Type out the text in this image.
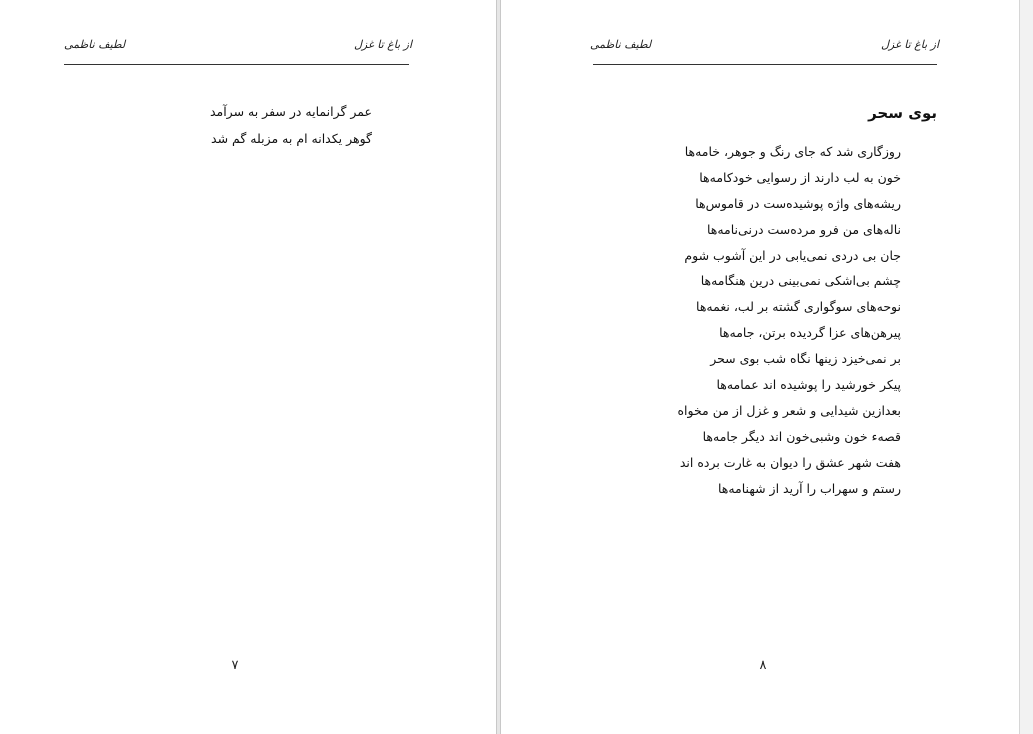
از باغ تا غزل
لطیف ناظمی
عمر گرانمایه در سفر به سرآمد
گوهر یکدانه ام به مزبله گم شد
۷
از باغ تا غزل
لطیف ناظمی
بوی سحر
روزگاری شد که جای رنگ و جوهر، خامه‌ها
خون به لب دارند از رسوایی خودکامه‌ها
ریشه‌های واژه پوشیده‌ست در قاموس‌ها
ناله‌های من فرو مرده‌ست درنی‌نامه‌ها
جان بی دردی نمی‌یابی در این آشوب شوم
چشم بی‌اشکی نمی‌بینی درین هنگامه‌ها
نوحه‌های سوگواری گشته بر لب، نغمه‌ها
پیرهن‌های عزا گردیده برتن، جامه‌ها
بر نمی‌خیزد زینها نگاه شب بوی سحر
پیکر خورشید را پوشیده اند عمامه‌ها
بعدازین شیدایی و شعر و غزل از من مخواه
قصهء خون وشبی‌خون اند دیگر جامه‌ها
هفت شهر عشق را دیوان به غارت برده اند
رستم و سهراب را آرید از شهنامه‌ها
۸
